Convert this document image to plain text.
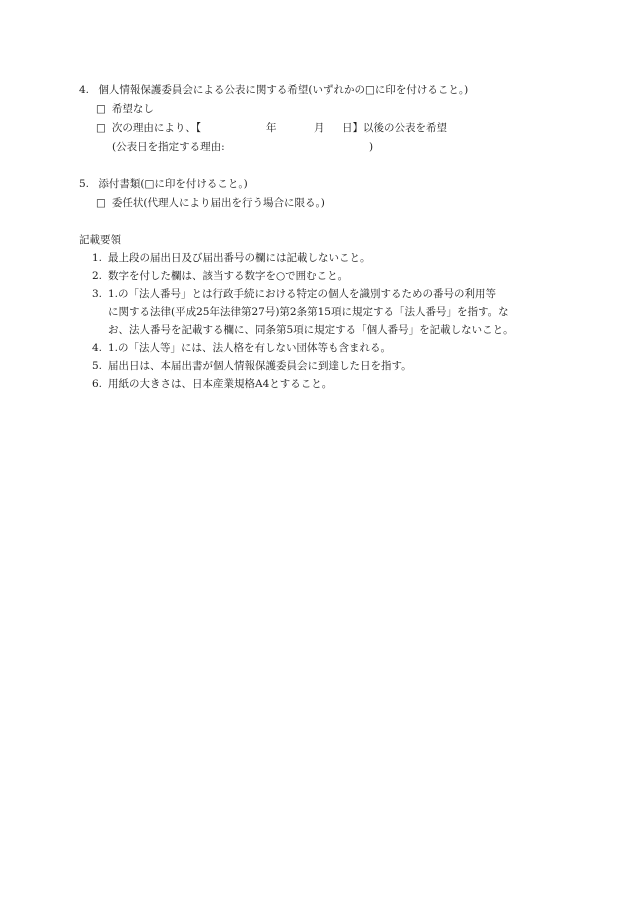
4. 個人情報保護委員会による公表に関する希望(いずれかの□に印を付けること。)
□ 希望なし
□ 次の理由により、【	年	月 日】以後の公表を希望
(公表日を指定する理由:	)
5. 添付書類(□に印を付けること。)
□ 委任状(代理人により届出を行う場合に限る。)
記載要領
1. 最上段の届出日及び届出番号の欄には記載しないこと。
2. 数字を付した欄は、該当する数字を○で囲むこと。
3. 1.の「法人番号」とは行政手続における特定の個人を識別するための番号の利用等
に関する法律(平成25年法律第27号)第2条第15項に規定する「法人番号」を指す。な
お、法人番号を記載する欄に、同条第5項に規定する「個人番号」を記載しないこと。
4. 1.の「法人等」には、法人格を有しない団体等も含まれる。
5. 届出日は、本届出書が個人情報保護委員会に到達した日を指す。
6. 用紙の大きさは、日本産業規格A4とすること。
